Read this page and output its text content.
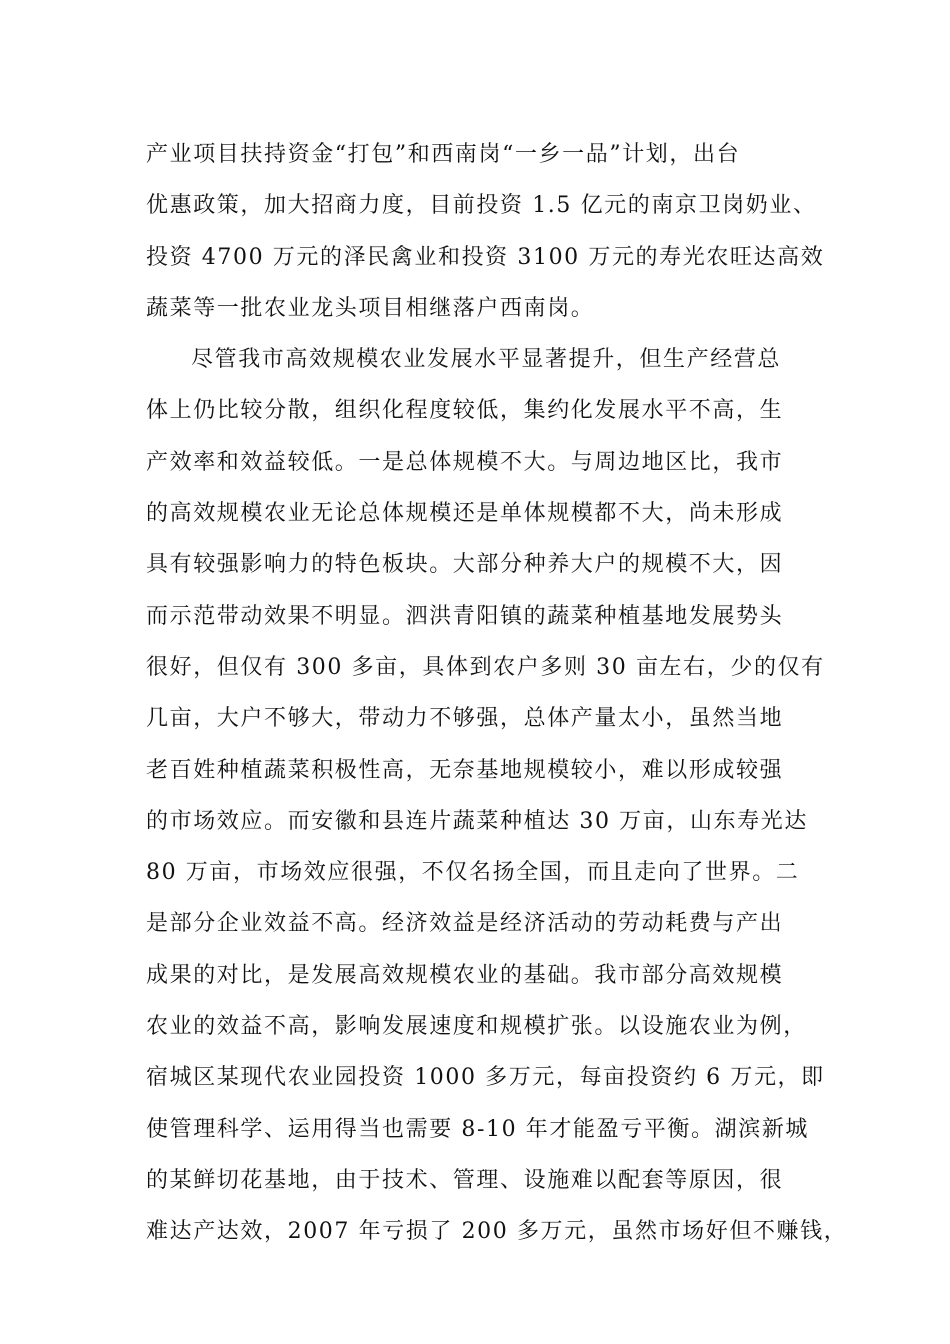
产业项目扶持资金“打包”和西南岗“一乡一品”计划，出台
优惠政策，加大招商力度，目前投资 1.5 亿元的南京卫岗奶业、
投资 4700 万元的泽民禽业和投资 3100 万元的寿光农旺达高效
蔬菜等一批农业龙头项目相继落户西南岗。
尽管我市高效规模农业发展水平显著提升，但生产经营总
体上仍比较分散，组织化程度较低，集约化发展水平不高，生
产效率和效益较低。一是总体规模不大。与周边地区比，我市
的高效规模农业无论总体规模还是单体规模都不大，尚未形成
具有较强影响力的特色板块。大部分种养大户的规模不大，因
而示范带动效果不明显。泗洪青阳镇的蔬菜种植基地发展势头
很好，但仅有 300 多亩，具体到农户多则 30 亩左右，少的仅有
几亩，大户不够大，带动力不够强，总体产量太小，虽然当地
老百姓种植蔬菜积极性高，无奈基地规模较小，难以形成较强
的市场效应。而安徽和县连片蔬菜种植达 30 万亩，山东寿光达
80 万亩，市场效应很强，不仅名扬全国，而且走向了世界。二
是部分企业效益不高。经济效益是经济活动的劳动耗费与产出
成果的对比，是发展高效规模农业的基础。我市部分高效规模
农业的效益不高，影响发展速度和规模扩张。以设施农业为例，
宿城区某现代农业园投资 1000 多万元，每亩投资约 6 万元，即
使管理科学、运用得当也需要 8-10 年才能盈亏平衡。湖滨新城
的某鲜切花基地，由于技术、管理、设施难以配套等原因，很
难达产达效，2007 年亏损了 200 多万元，虽然市场好但不赚钱，
